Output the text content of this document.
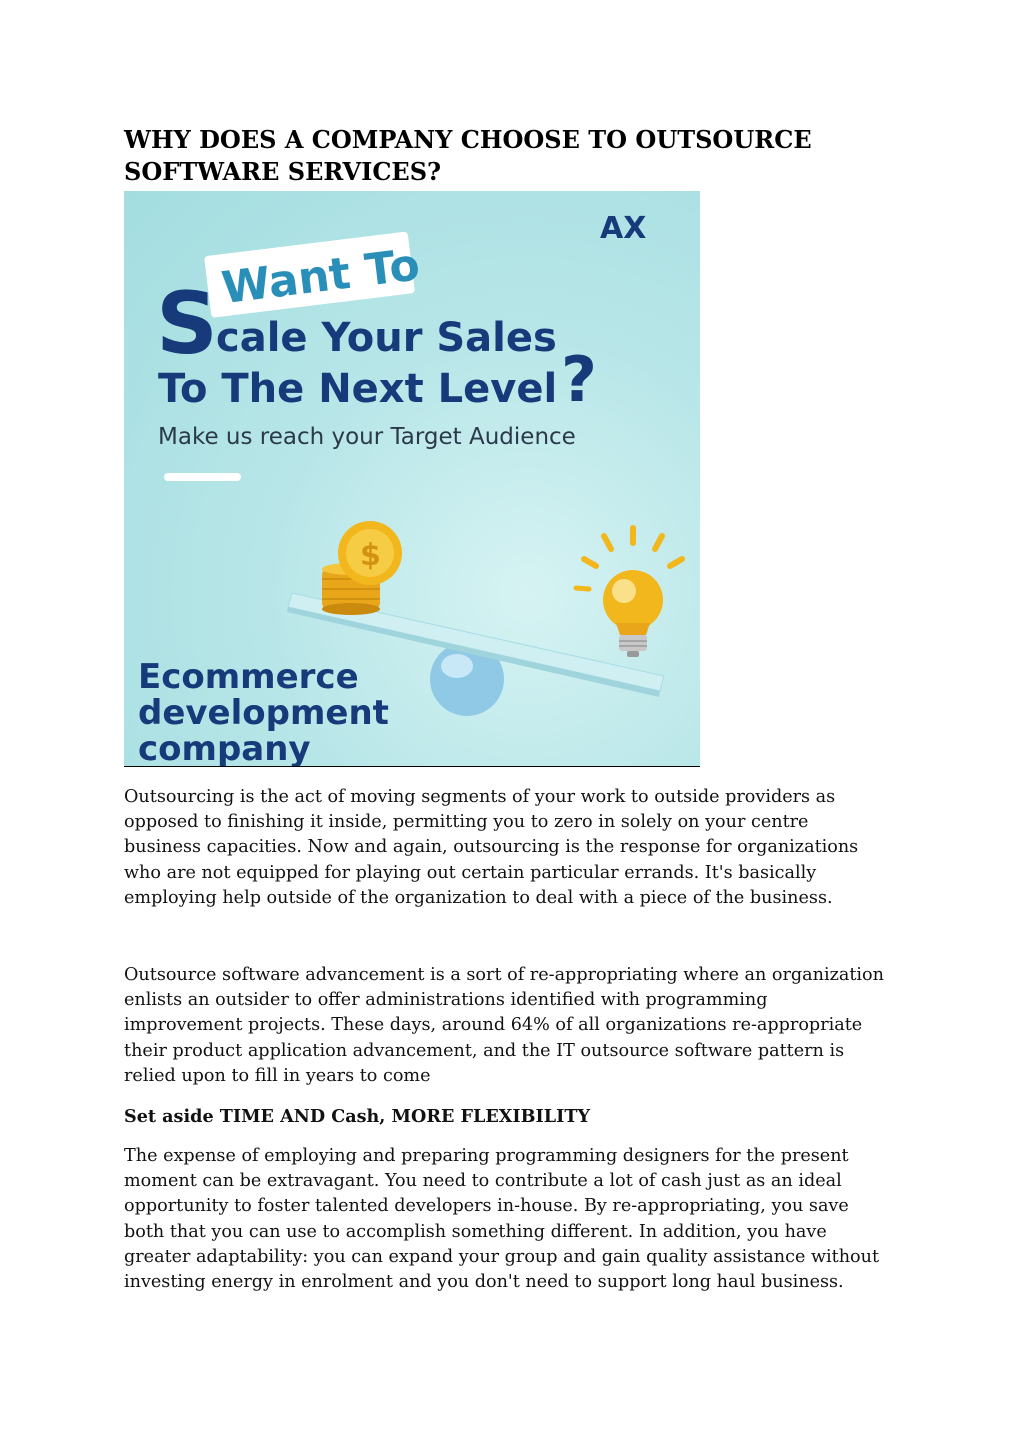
WHY DOES A COMPANY CHOOSE TO OUTSOURCE
SOFTWARE SERVICES?
AX
Want To
S
cale Your Sales
To The Next Level ?
Make us reach your Target Audience
$
Ecommerce
development
company

Outsourcing is the act of moving segments of your work to outside providers as
opposed to finishing it inside, permitting you to zero in solely on your centre
business capacities. Now and again, outsourcing is the response for organizations
who are not equipped for playing out certain particular errands. It's basically
employing help outside of the organization to deal with a piece of the business.

Outsource software advancement is a sort of re-appropriating where an organization
enlists an outsider to offer administrations identified with programming
improvement projects. These days, around 64% of all organizations re-appropriate
their product application advancement, and the IT outsource software pattern is
relied upon to fill in years to come

Set aside TIME AND Cash, MORE FLEXIBILITY

The expense of employing and preparing programming designers for the present
moment can be extravagant. You need to contribute a lot of cash just as an ideal
opportunity to foster talented developers in-house. By re-appropriating, you save
both that you can use to accomplish something different. In addition, you have
greater adaptability: you can expand your group and gain quality assistance without
investing energy in enrolment and you don't need to support long haul business.
